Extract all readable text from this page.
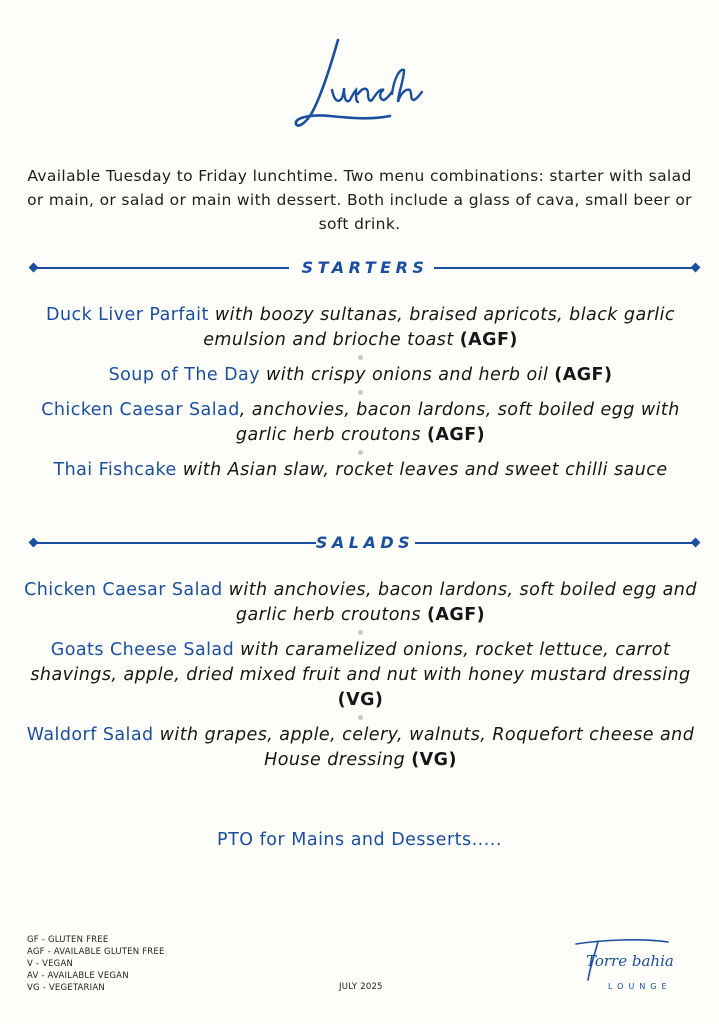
Available Tuesday to Friday lunchtime. Two menu combinations: starter with salad or main, or salad or main with dessert. Both include a glass of cava, small beer or soft drink.
STARTERS
Duck Liver Parfait with boozy sultanas, braised apricots, black garlic emulsion and brioche toast (AGF)
Soup of The Day with crispy onions and herb oil (AGF)
Chicken Caesar Salad, anchovies, bacon lardons, soft boiled egg with garlic herb croutons (AGF)
Thai Fishcake with Asian slaw, rocket leaves and sweet chilli sauce
SALADS
Chicken Caesar Salad with anchovies, bacon lardons, soft boiled egg and garlic herb croutons (AGF)
Goats Cheese Salad with caramelized onions, rocket lettuce, carrot shavings, apple, dried mixed fruit and nut with honey mustard dressing (VG)
Waldorf Salad with grapes, apple, celery, walnuts, Roquefort cheese and House dressing (VG)
PTO for Mains and Desserts.....
GF - GLUTEN FREE
AGF - AVAILABLE GLUTEN FREE
V - VEGAN
AV - AVAILABLE VEGAN
VG - VEGETARIAN	JULY 2025
Torre bahia
LOUNGE
